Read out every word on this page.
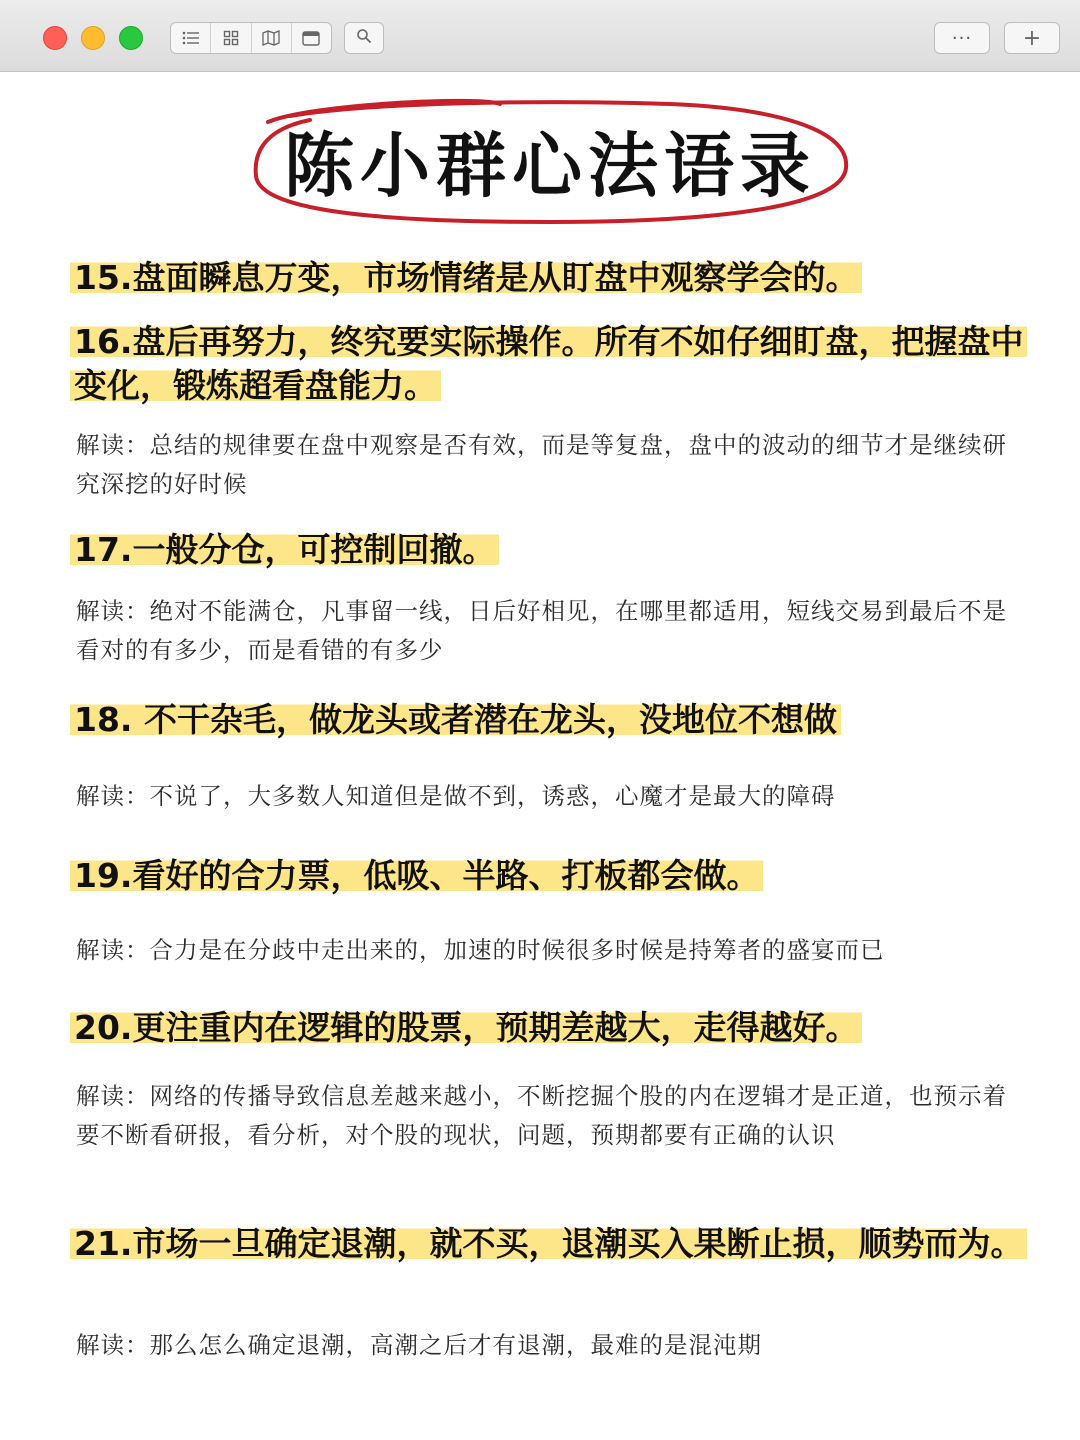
··· +
陈小群心法语录
15.盘面瞬息万变，市场情绪是从盯盘中观察学会的。
16.盘后再努力，终究要实际操作。所有不如仔细盯盘，把握盘中变化，锻炼超看盘能力。
解读：总结的规律要在盘中观察是否有效，而是等复盘，盘中的波动的细节才是继续研究深挖的好时候
17.一般分仓，可控制回撤。
解读：绝对不能满仓，凡事留一线，日后好相见，在哪里都适用，短线交易到最后不是看对的有多少，而是看错的有多少
18. 不干杂毛，做龙头或者潜在龙头，没地位不想做
解读：不说了，大多数人知道但是做不到，诱惑，心魔才是最大的障碍
19.看好的合力票，低吸、半路、打板都会做。
解读：合力是在分歧中走出来的，加速的时候很多时候是持筹者的盛宴而已
20.更注重内在逻辑的股票，预期差越大，走得越好。
解读：网络的传播导致信息差越来越小，不断挖掘个股的内在逻辑才是正道，也预示着要不断看研报，看分析，对个股的现状，问题，预期都要有正确的认识
21.市场一旦确定退潮，就不买，退潮买入果断止损，顺势而为。
解读：那么怎么确定退潮，高潮之后才有退潮，最难的是混沌期
